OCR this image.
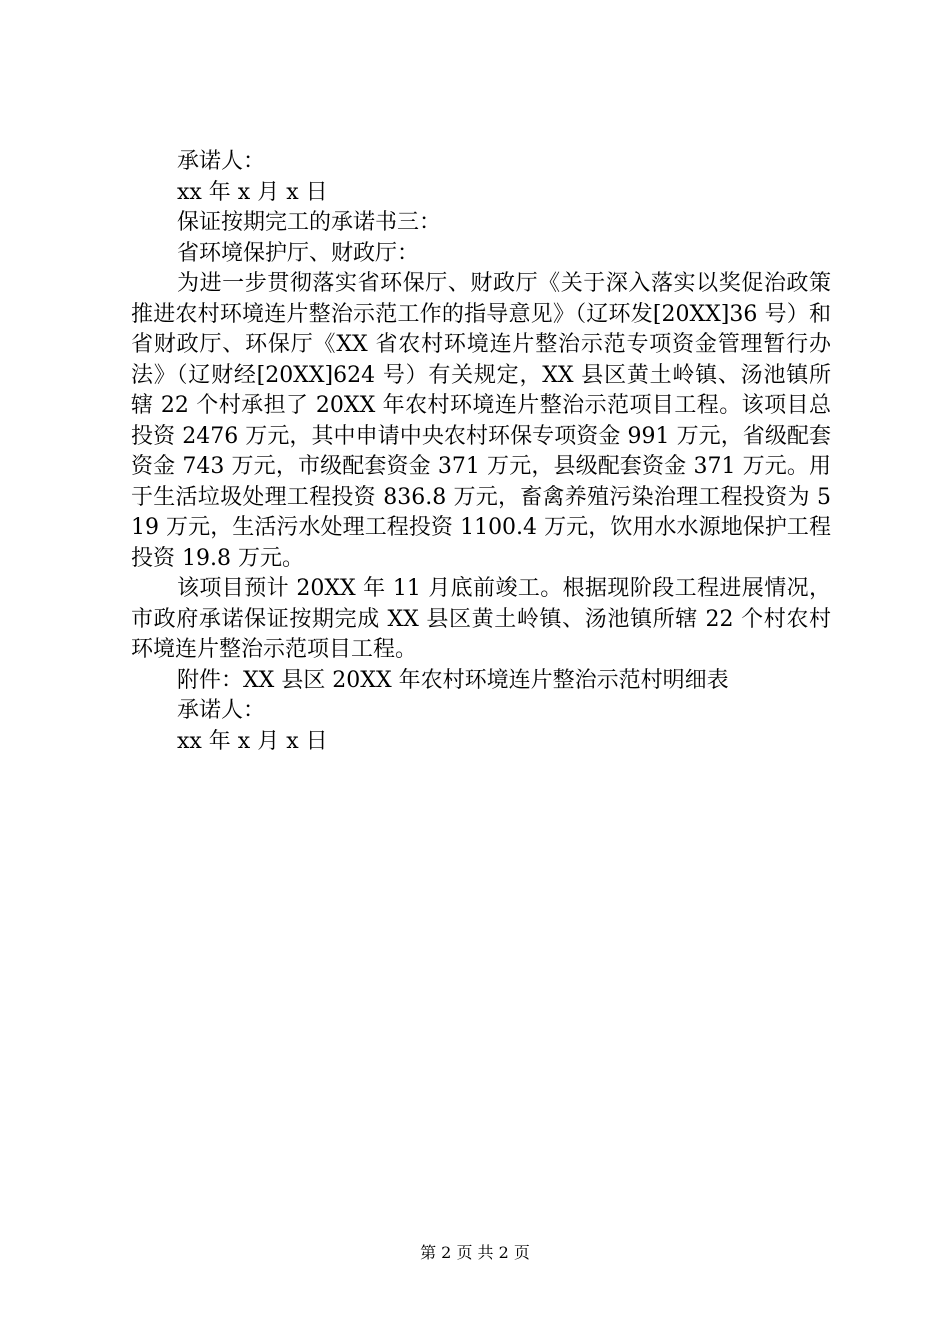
承诺人：
xx 年 x 月 x 日
保证按期完工的承诺书三：
省环境保护厅、财政厅：
为进一步贯彻落实省环保厅、财政厅《关于深入落实以奖促治政策推进农村环境连片整治示范工作的指导意见》（辽环发[20XX]36 号）和省财政厅、环保厅《XX 省农村环境连片整治示范专项资金管理暂行办法》（辽财经[20XX]624 号）有关规定，XX 县区黄土岭镇、汤池镇所辖 22 个村承担了 20XX 年农村环境连片整治示范项目工程。该项目总投资 2476 万元，其中申请中央农村环保专项资金 991 万元，省级配套资金 743 万元，市级配套资金 371 万元，县级配套资金 371 万元。用于生活垃圾处理工程投资 836.8 万元，畜禽养殖污染治理工程投资为 519 万元，生活污水处理工程投资 1100.4 万元，饮用水水源地保护工程投资 19.8 万元。
该项目预计 20XX 年 11 月底前竣工。根据现阶段工程进展情况，市政府承诺保证按期完成 XX 县区黄土岭镇、汤池镇所辖 22 个村农村环境连片整治示范项目工程。
附件：XX 县区 20XX 年农村环境连片整治示范村明细表
承诺人：
xx 年 x 月 x 日
第 2 页 共 2 页
